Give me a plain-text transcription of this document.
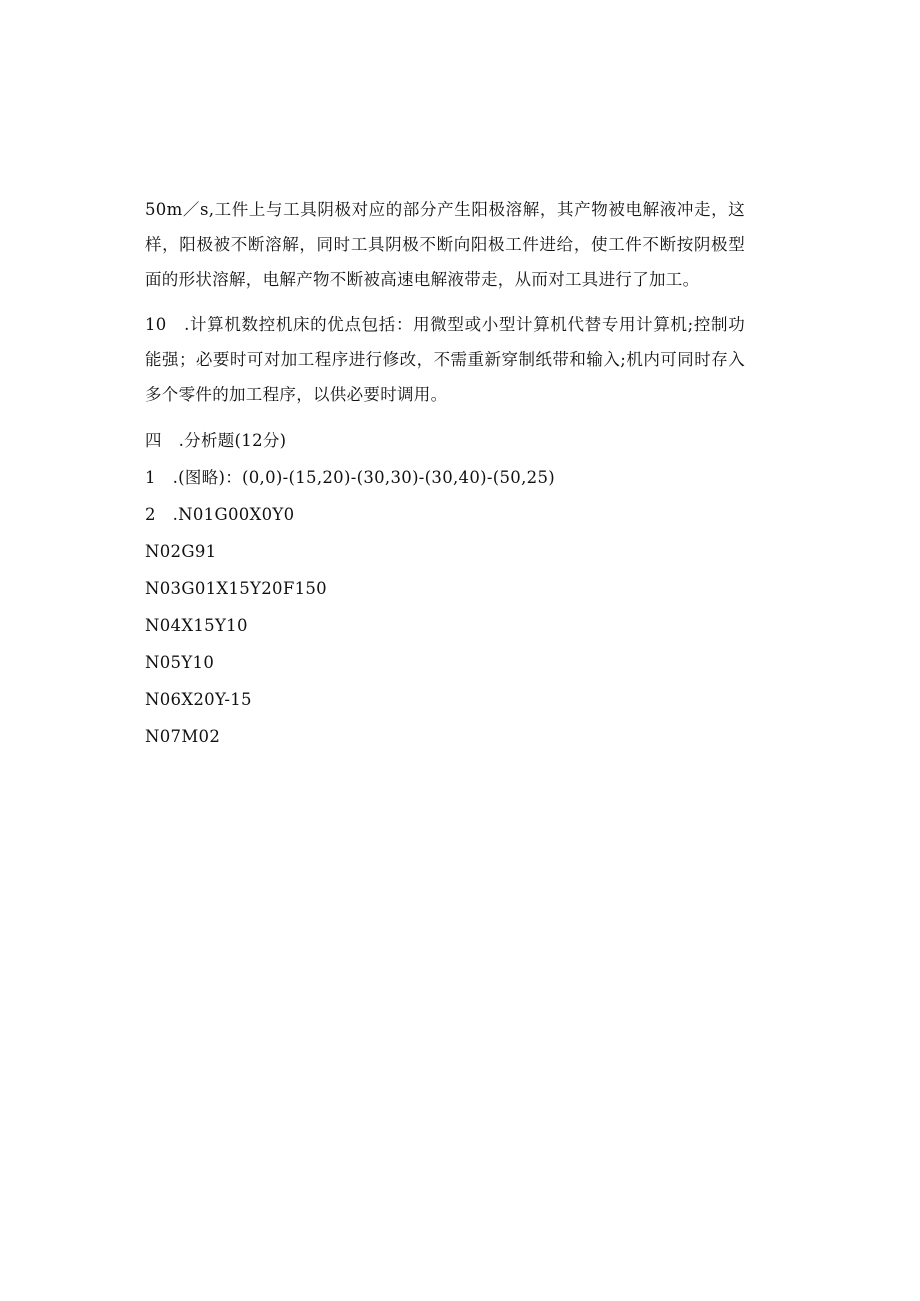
50m／s,工件上与工具阴极对应的部分产生阳极溶解，其产物被电解液冲走，这样，阳极被不断溶解，同时工具阴极不断向阳极工件进给，使工件不断按阴极型面的形状溶解，电解产物不断被高速电解液带走，从而对工具进行了加工。

10　.计算机数控机床的优点包括：用微型或小型计算机代替专用计算机;控制功能强；必要时可对加工程序进行修改，不需重新穿制纸带和输入;机内可同时存入多个零件的加工程序，以供必要时调用。

四　.分析题(12分)

1　.(图略)：(0,0)-(15,20)-(30,30)-(30,40)-(50,25)

2　.N01G00X0Y0

N02G91

N03G01X15Y20F150

N04X15Y10

N05Y10

N06X20Y-15

N07M02
